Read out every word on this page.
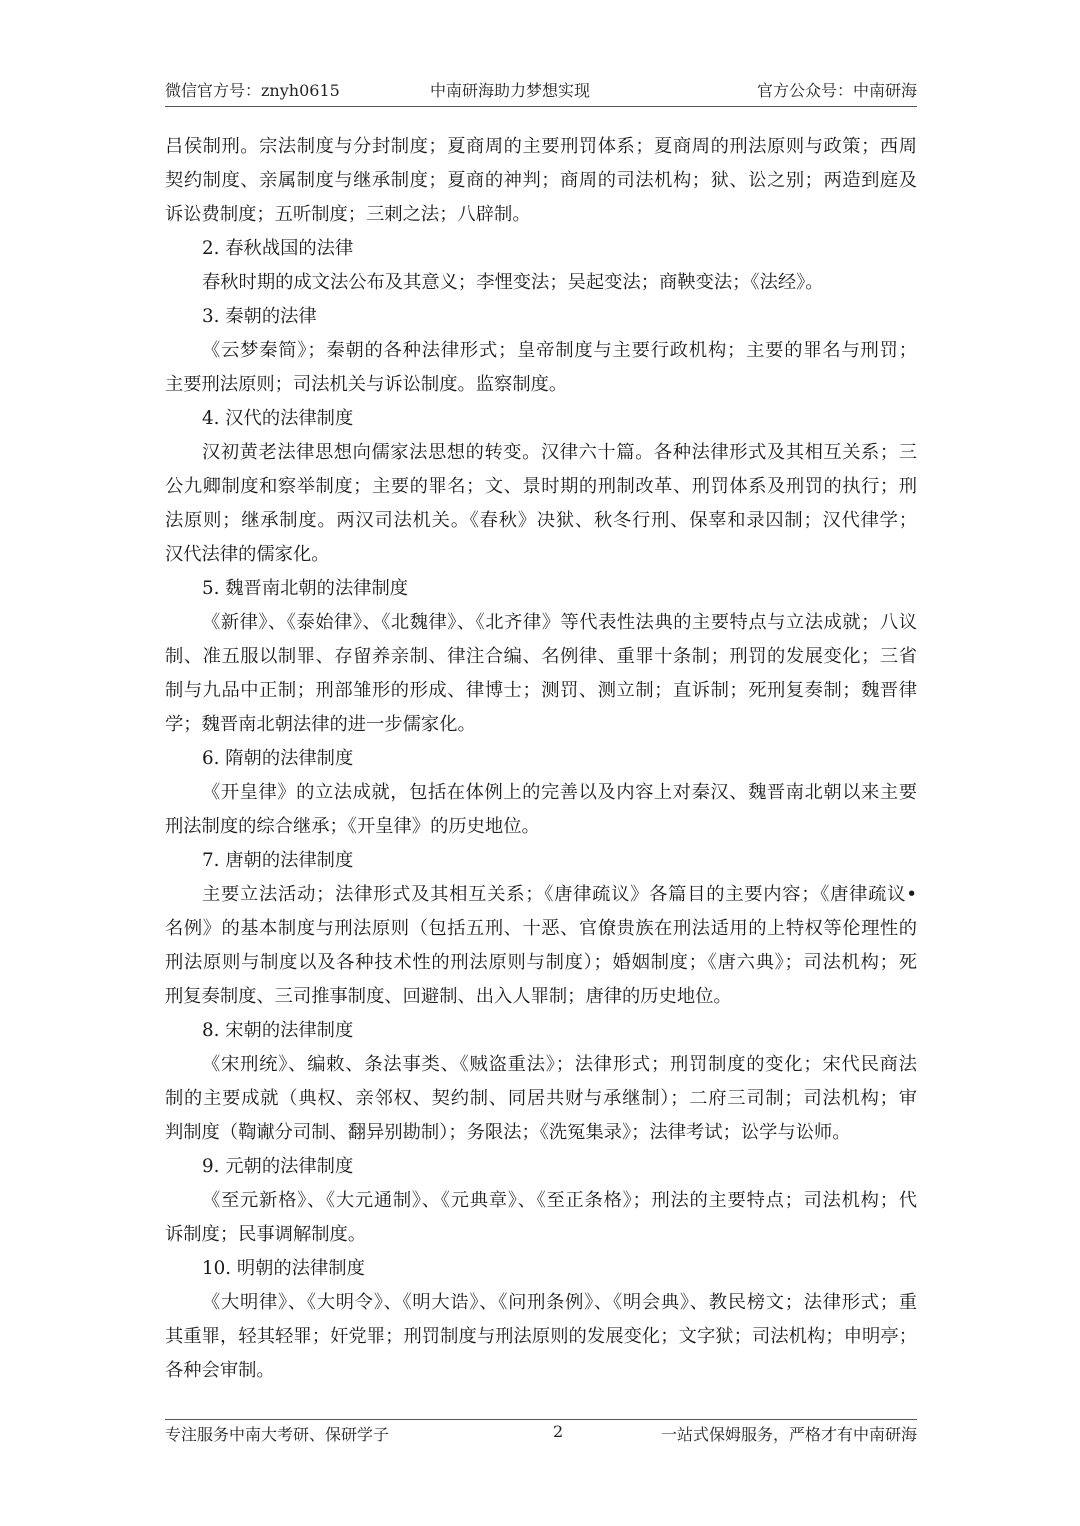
微信官方号：znyh0615	中南研海助力梦想实现	官方公众号：中南研海
吕侯制刑。宗法制度与分封制度；夏商周的主要刑罚体系；夏商周的刑法原则与政策；西周
契约制度、亲属制度与继承制度；夏商的神判；商周的司法机构；狱、讼之别；两造到庭及
诉讼费制度；五听制度；三刺之法；八辟制。
2. 春秋战国的法律
春秋时期的成文法公布及其意义；李悝变法；吴起变法；商鞅变法；《法经》。
3. 秦朝的法律
《云梦秦简》；秦朝的各种法律形式；皇帝制度与主要行政机构；主要的罪名与刑罚；
主要刑法原则；司法机关与诉讼制度。监察制度。
4. 汉代的法律制度
汉初黄老法律思想向儒家法思想的转变。汉律六十篇。各种法律形式及其相互关系；三
公九卿制度和察举制度；主要的罪名；文、景时期的刑制改革、刑罚体系及刑罚的执行；刑
法原则；继承制度。两汉司法机关。《春秋》决狱、秋冬行刑、保辜和录囚制；汉代律学；
汉代法律的儒家化。
5. 魏晋南北朝的法律制度
《新律》、《泰始律》、《北魏律》、《北齐律》等代表性法典的主要特点与立法成就；八议
制、准五服以制罪、存留养亲制、律注合编、名例律、重罪十条制；刑罚的发展变化；三省
制与九品中正制；刑部雏形的形成、律博士；测罚、测立制；直诉制；死刑复奏制；魏晋律
学；魏晋南北朝法律的进一步儒家化。
6. 隋朝的法律制度
《开皇律》的立法成就，包括在体例上的完善以及内容上对秦汉、魏晋南北朝以来主要
刑法制度的综合继承；《开皇律》的历史地位。
7. 唐朝的法律制度
主要立法活动；法律形式及其相互关系；《唐律疏议》各篇目的主要内容；《唐律疏议•
名例》的基本制度与刑法原则（包括五刑、十恶、官僚贵族在刑法适用的上特权等伦理性的
刑法原则与制度以及各种技术性的刑法原则与制度）；婚姻制度；《唐六典》；司法机构；死
刑复奏制度、三司推事制度、回避制、出入人罪制；唐律的历史地位。
8. 宋朝的法律制度
《宋刑统》、编敕、条法事类、《贼盗重法》；法律形式；刑罚制度的变化；宋代民商法
制的主要成就（典权、亲邻权、契约制、同居共财与承继制）；二府三司制；司法机构；审
判制度（鞫谳分司制、翻异别勘制）；务限法；《洗冤集录》；法律考试；讼学与讼师。
9. 元朝的法律制度
《至元新格》、《大元通制》、《元典章》、《至正条格》；刑法的主要特点；司法机构；代
诉制度；民事调解制度。
10. 明朝的法律制度
《大明律》、《大明令》、《明大诰》、《问刑条例》、《明会典》、教民榜文；法律形式；重
其重罪，轻其轻罪；奸党罪；刑罚制度与刑法原则的发展变化；文字狱；司法机构；申明亭；
各种会审制。
专注服务中南大考研、保研学子	2	一站式保姆服务，严格才有中南研海
